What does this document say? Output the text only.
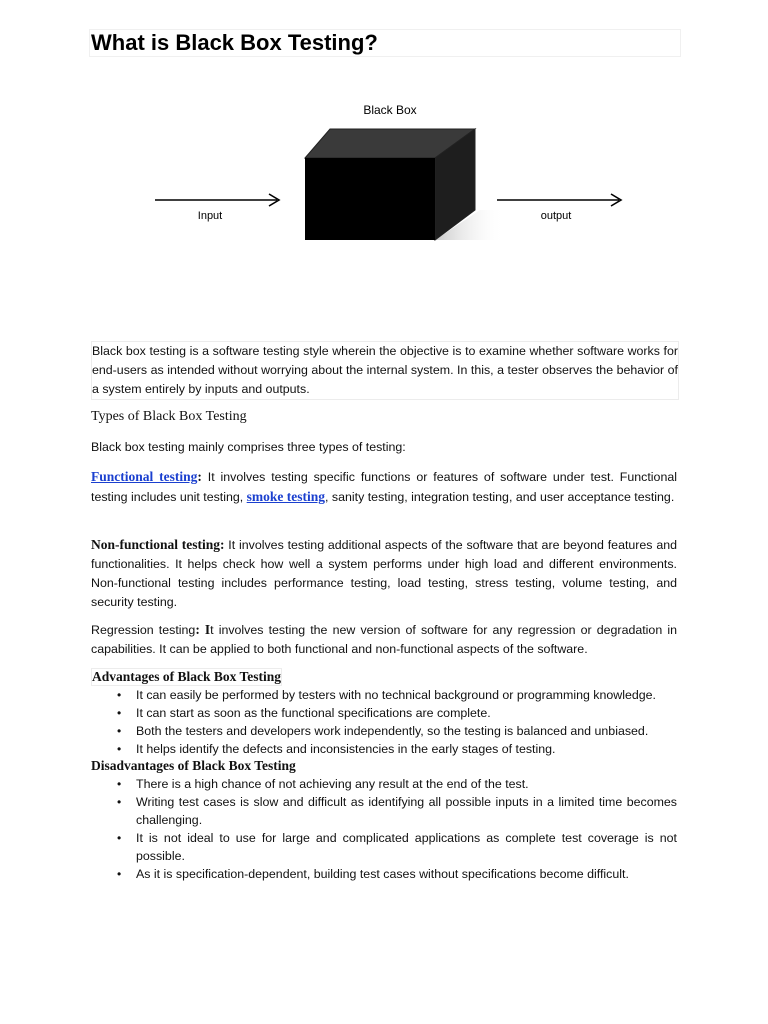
What is Black Box Testing?
Black Box
Input	output

Black box testing is a software testing style wherein the objective is to examine whether software works for end-users as intended without worrying about the internal system. In this, a tester observes the behavior of a system entirely by inputs and outputs.

Types of Black Box Testing

Black box testing mainly comprises three types of testing:

Functional testing: It involves testing specific functions or features of software under test. Functional testing includes unit testing, smoke testing, sanity testing, integration testing, and user acceptance testing.

Non-functional testing: It involves testing additional aspects of the software that are beyond features and functionalities. It helps check how well a system performs under high load and different environments. Non-functional testing includes performance testing, load testing, stress testing, volume testing, and security testing.

Regression testing: It involves testing the new version of software for any regression or degradation in capabilities. It can be applied to both functional and non-functional aspects of the software.

Advantages of Black Box Testing

• It can easily be performed by testers with no technical background or programming knowledge.
• It can start as soon as the functional specifications are complete.
• Both the testers and developers work independently, so the testing is balanced and unbiased.
• It helps identify the defects and inconsistencies in the early stages of testing.

Disadvantages of Black Box Testing

• There is a high chance of not achieving any result at the end of the test.
• Writing test cases is slow and difficult as identifying all possible inputs in a limited time becomes challenging.
• It is not ideal to use for large and complicated applications as complete test coverage is not possible.
• As it is specification-dependent, building test cases without specifications become difficult.
